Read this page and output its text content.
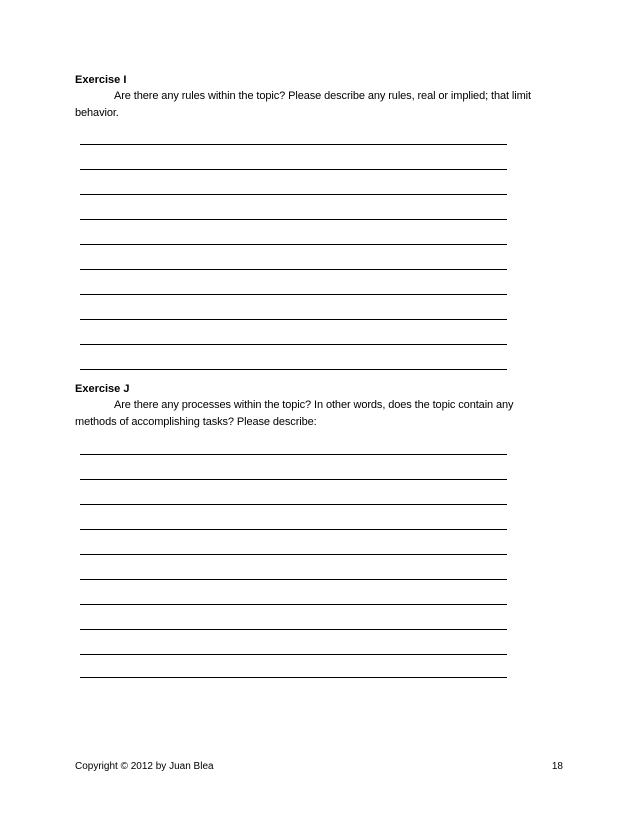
Exercise I

Are there any rules within the topic? Please describe any rules, real or implied; that limit behavior.

Exercise J

Are there any processes within the topic? In other words, does the topic contain any methods of accomplishing tasks? Please describe:

Copyright © 2012 by Juan Blea	18
